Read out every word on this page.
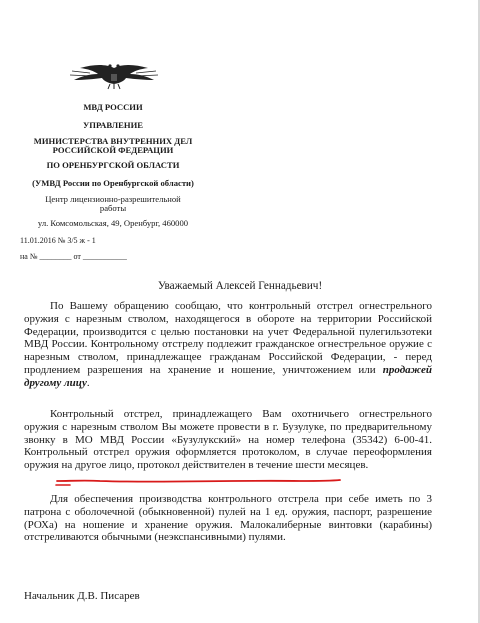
МВД РОССИИ
УПРАВЛЕНИЕ
МИНИСТЕРСТВА ВНУТРЕННИХ ДЕЛ
РОССИЙСКОЙ ФЕДЕРАЦИИ
ПО ОРЕНБУРГСКОЙ ОБЛАСТИ
(УМВД России по Оренбургской области)
Центр лицензионно-разрешительной
работы
ул. Комсомольская, 49, Оренбург, 460000
11.01.2016 № 3/5 ж - 1
на № ________ от ___________
Уважаемый Алексей Геннадьевич!

По Вашему обращению сообщаю, что контрольный отстрел огнестрельного оружия с нарезным стволом, находящегося в обороте на территории Российской Федерации, производится с целью постановки на учет Федеральной пулегильзотеки МВД России. Контрольному отстрелу подлежит гражданское огнестрельное оружие с нарезным стволом, принадлежащее гражданам Российской Федерации, - перед продлением разрешения на хранение и ношение, уничтожением или продажей другому лицу.

Контрольный отстрел, принадлежащего Вам охотничьего огнестрельного оружия с нарезным стволом Вы можете провести в г. Бузулуке, по предварительному звонку в МО МВД России «Бузулукский» на номер телефона (35342) 6-00-41. Контрольный отстрел оружия оформляется протоколом, в случае переоформления оружия на другое лицо, протокол действителен в течение шести месяцев.

Для обеспечения производства контрольного отстрела при себе иметь по 3 патрона с оболочечной (обыкновенной) пулей на 1 ед. оружия, паспорт, разрешение (РОХа) на ношение и хранение оружия. Малокалиберные винтовки (карабины) отстреливаются обычными (неэкспансивными) пулями.

Начальник Д.В. Писарев
